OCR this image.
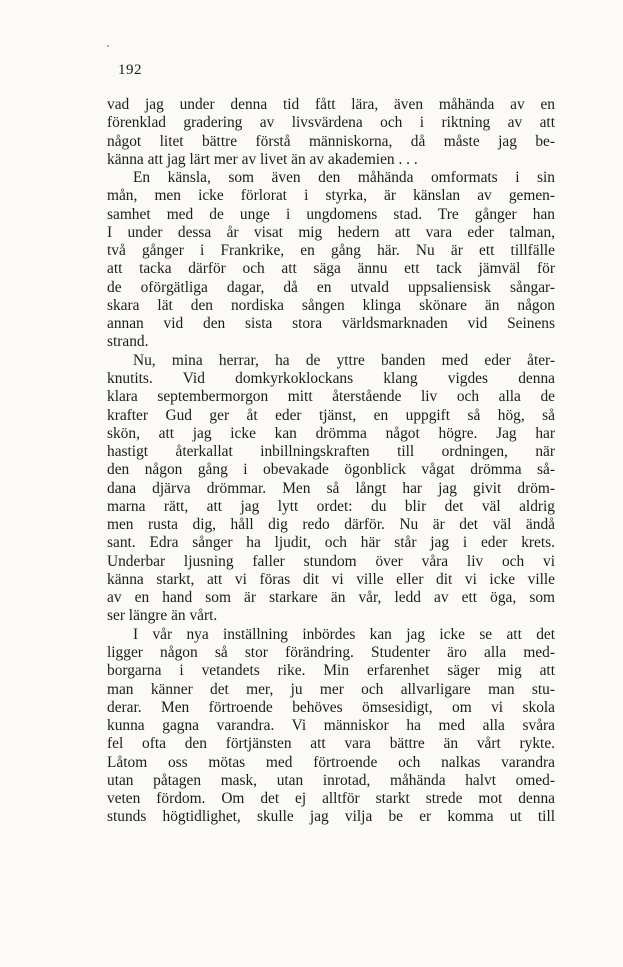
192
vad jag under denna tid fått lära, även måhända av en
förenklad gradering av livsvärdena och i riktning av att
något litet bättre förstå människorna, då måste jag be-
känna att jag lärt mer av livet än av akademien . . .
En känsla, som även den måhända omformats i sin
mån, men icke förlorat i styrka, är känslan av gemen-
samhet med de unge i ungdomens stad. Tre gånger han
I under dessa år visat mig hedern att vara eder talman,
två gånger i Frankrike, en gång här. Nu är ett tillfälle
att tacka därför och att säga ännu ett tack jämväl för
de oförgätliga dagar, då en utvald uppsaliensisk sångar-
skara lät den nordiska sången klinga skönare än någon
annan vid den sista stora världsmarknaden vid Seinens
strand.
Nu, mina herrar, ha de yttre banden med eder åter-
knutits. Vid domkyrkoklockans klang vigdes denna
klara septembermorgon mitt återstående liv och alla de
krafter Gud ger åt eder tjänst, en uppgift så hög, så
skön, att jag icke kan drömma något högre. Jag har
hastigt återkallat inbillningskraften till ordningen, när
den någon gång i obevakade ögonblick vågat drömma så-
dana djärva drömmar. Men så långt har jag givit dröm-
marna rätt, att jag lytt ordet: du blir det väl aldrig
men rusta dig, håll dig redo därför. Nu är det väl ändå
sant. Edra sånger ha ljudit, och här står jag i eder krets.
Underbar ljusning faller stundom över våra liv och vi
känna starkt, att vi föras dit vi ville eller dit vi icke ville
av en hand som är starkare än vår, ledd av ett öga, som
ser längre än vårt.
I vår nya inställning inbördes kan jag icke se att det
ligger någon så stor förändring. Studenter äro alla med-
borgarna i vetandets rike. Min erfarenhet säger mig att
man känner det mer, ju mer och allvarligare man stu-
derar. Men förtroende behöves ömsesidigt, om vi skola
kunna gagna varandra. Vi människor ha med alla svåra
fel ofta den förtjänsten att vara bättre än vårt rykte.
Låtom oss mötas med förtroende och nalkas varandra
utan påtagen mask, utan inrotad, måhända halvt omed-
veten fördom. Om det ej alltför starkt strede mot denna
stunds högtidlighet, skulle jag vilja be er komma ut till
